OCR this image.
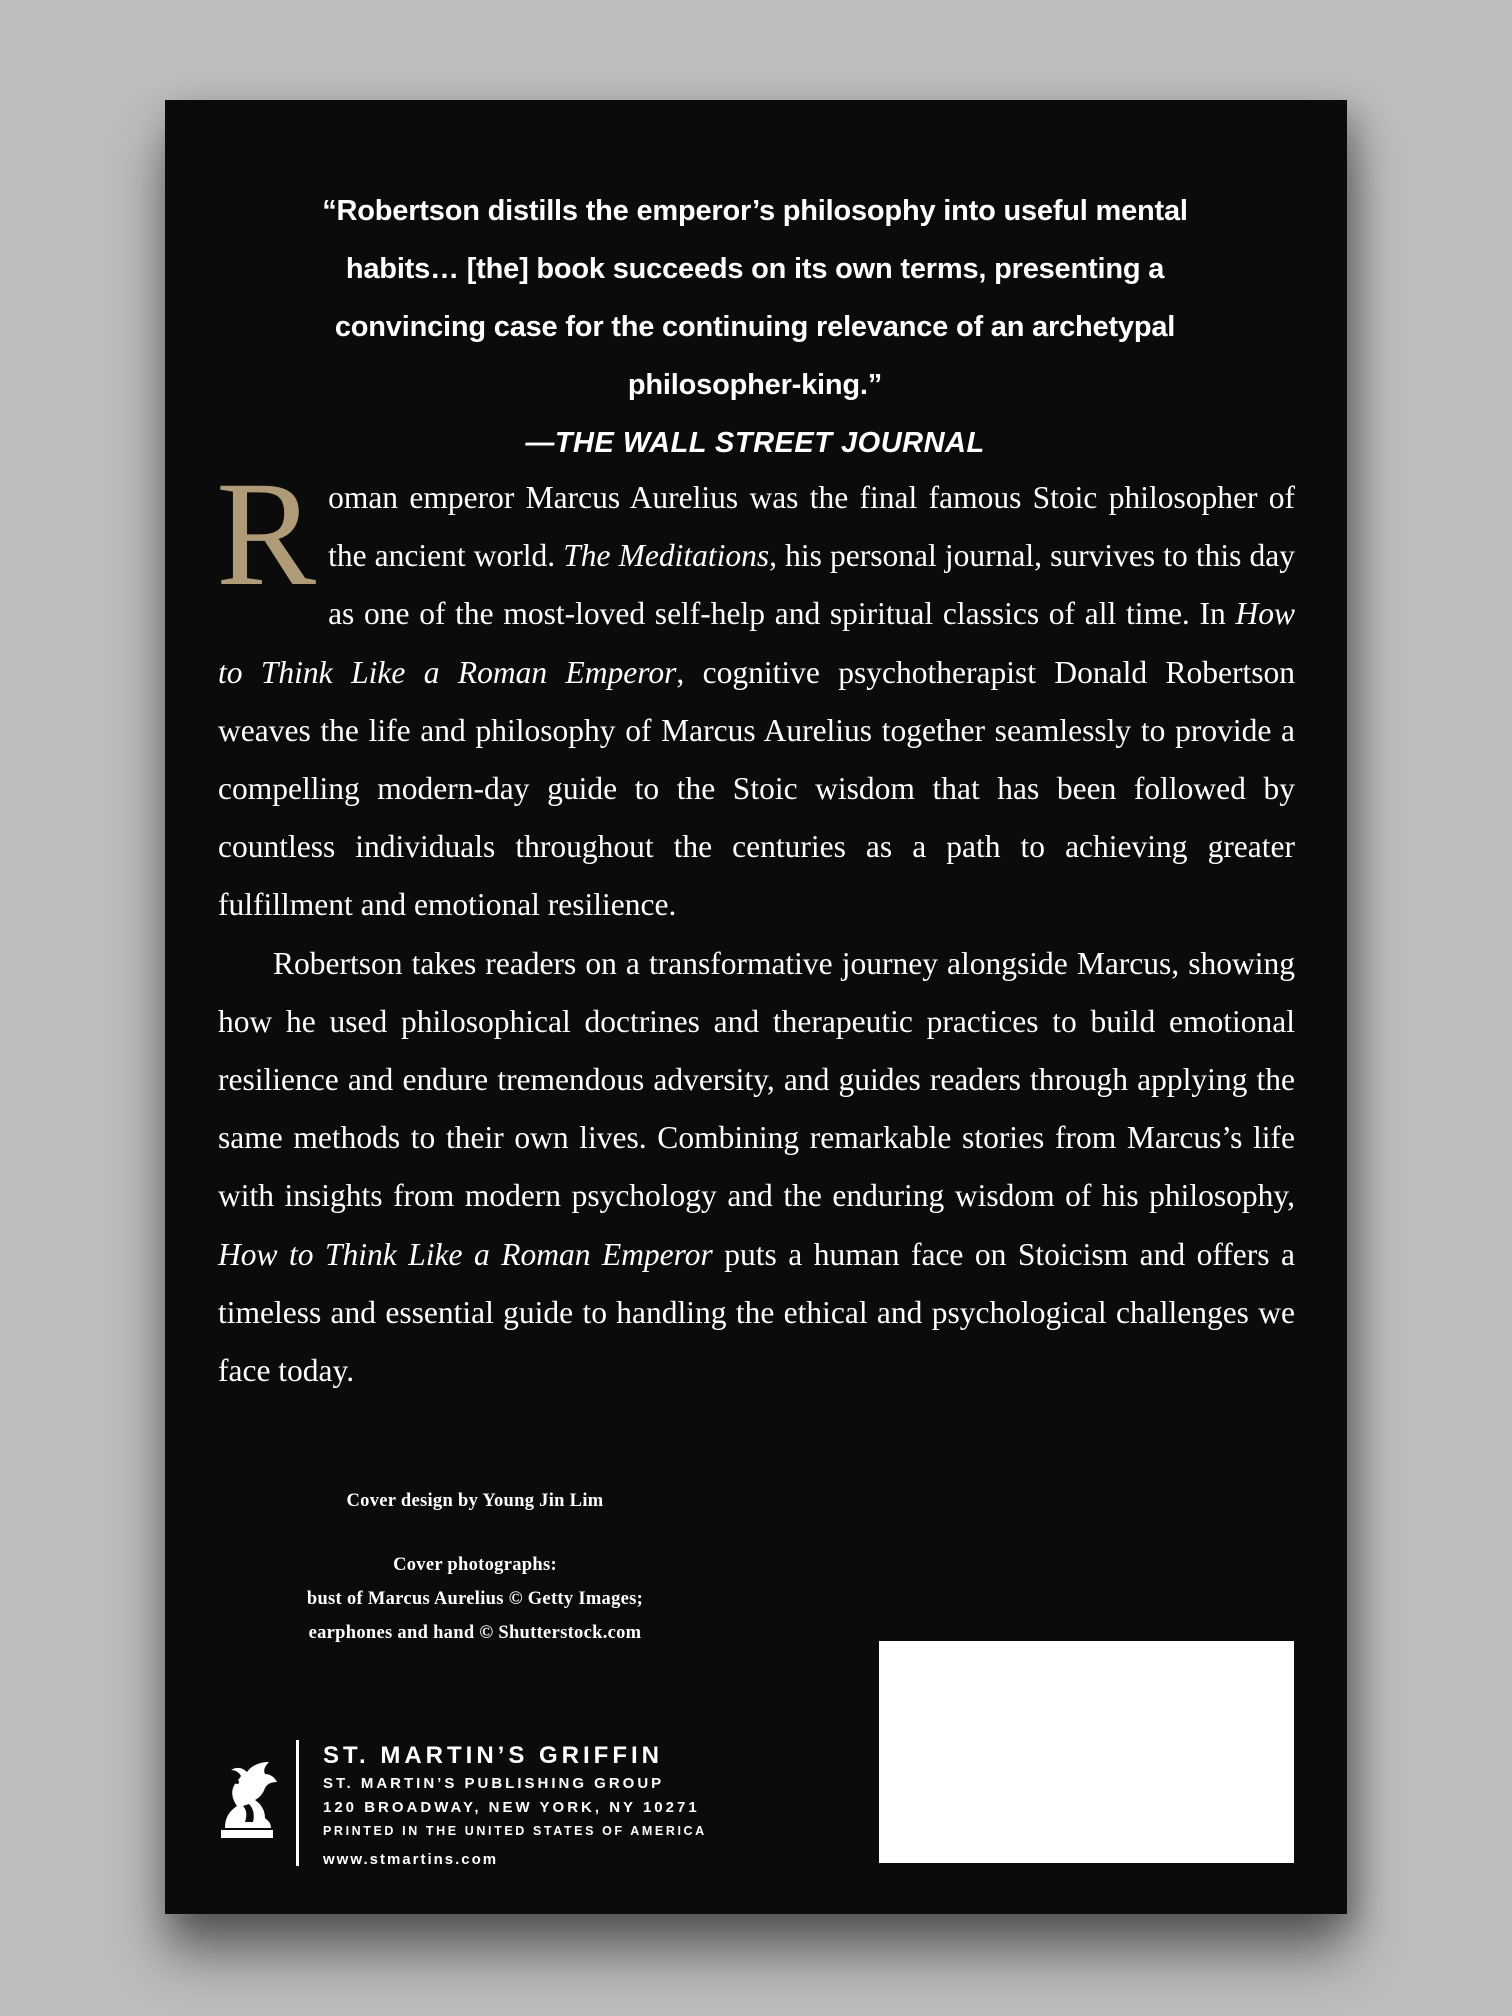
“Robertson distills the emperor’s philosophy into useful mental habits… [the] book succeeds on its own terms, presenting a convincing case for the continuing relevance of an archetypal philosopher-king.”
—THE WALL STREET JOURNAL

Roman emperor Marcus Aurelius was the final famous Stoic philosopher of the ancient world. The Meditations, his personal journal, survives to this day as one of the most-loved self-help and spiritual classics of all time. In How to Think Like a Roman Emperor, cognitive psychotherapist Donald Robertson weaves the life and philosophy of Marcus Aurelius together seamlessly to provide a compelling modern-day guide to the Stoic wisdom that has been followed by countless individuals throughout the centuries as a path to achieving greater fulfillment and emotional resilience.

Robertson takes readers on a transformative journey alongside Marcus, showing how he used philosophical doctrines and therapeutic practices to build emotional resilience and endure tremendous adversity, and guides readers through applying the same methods to their own lives. Combining remarkable stories from Marcus’s life with insights from modern psychology and the enduring wisdom of his philosophy, How to Think Like a Roman Emperor puts a human face on Stoicism and offers a timeless and essential guide to handling the ethical and psychological challenges we face today.

Cover design by Young Jin Lim
Cover photographs:
bust of Marcus Aurelius © Getty Images;
earphones and hand © Shutterstock.com
ST. MARTIN’S GRIFFIN
ST. MARTIN’S PUBLISHING GROUP
120 BROADWAY, NEW YORK, NY 10271
PRINTED IN THE UNITED STATES OF AMERICA
www.stmartins.com
